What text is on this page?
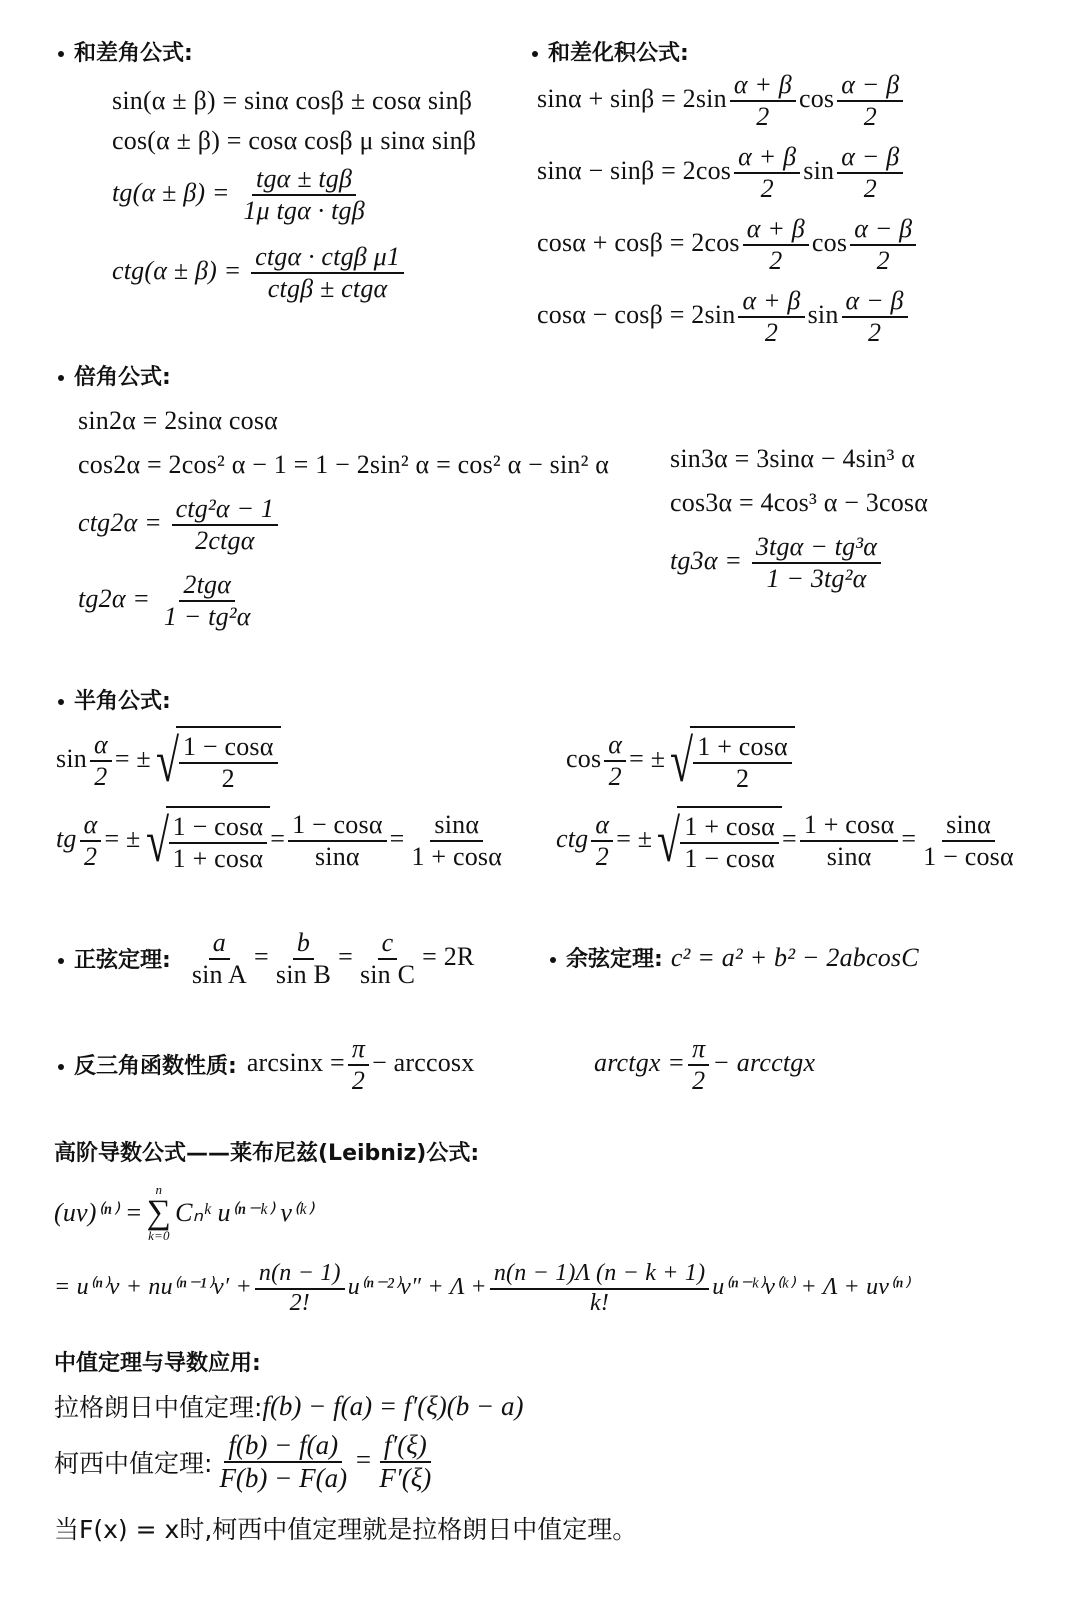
和差角公式:
sin(α ± β) = sinα cosβ ± cosα sinβ
cos(α ± β) = cosα cosβ μ sinα sinβ
$tg(\alpha \pm \beta) = \frac{\text{tgα ± tgβ}}{\text{1μ tgα · tgβ}}$
$ctg(\alpha \pm \beta) = \frac{\text{ctgα · ctgβ μ1}}{\text{ctgβ ± ctgα}}$
和差化积公式:
$\sin\alpha + \sin\beta = 2\sin \frac{\alpha + \beta}{2}$ $\cos \frac{\alpha - \beta}{2}$
$\sin\alpha - \sin\beta = 2\cos \frac{\alpha + \beta}{2}$ $\sin \frac{\alpha - \beta}{2}$
$\cos\alpha + \cos\beta = 2\cos \frac{\alpha + \beta}{2}$ $\cos \frac{\alpha - \beta}{2}$
$\cos\alpha - \cos\beta = 2\sin \frac{\alpha + \beta}{2}$ $\sin \frac{\alpha - \beta}{2}$
倍角公式:
sin2α = 2sinα cosα
cos2α = 2cos² α − 1 = 1 − 2sin² α = cos² α − sin² α
$ctg2\alpha = \frac{\text{ctg²α − 1}}{\text{2ctgα}}$
$tg2\alpha = \frac{\text{2tgα}}{\text{1 − tg²α}}$
sin3α = 3sinα − 4sin³ α
cos3α = 4cos³ α − 3cosα
$tg3\alpha = \frac{\text{3tgα − tg³α}}{\text{1 − 3tg²α}}$
半角公式:
$\sin \frac{\alpha}{2}$ = ± √ $\frac{1 - \cos\alpha}{2}$	$\cos \frac{\alpha}{2}$ = ± √ $\frac{1 + \cos\alpha}{2}$
tg $\frac{\alpha}{2}$ = ± √ $\frac{1 - \cos\alpha}{1 + \cos\alpha} = \frac{1 - \cos\alpha}{\sin\alpha} = \frac{\sin\alpha}{1 + \cos\alpha}$ ctg $\frac{\alpha}{2}$ = ± √ $\frac{1 + \cos\alpha}{1 - \cos\alpha} = \frac{1 + \cos\alpha}{\sin\alpha} = \frac{\sin\alpha}{1 - \cos\alpha}$
正弦定理: $\frac{a}{\text{sin A}} = \frac{b}{\text{sin B}} = \frac{c}{\text{sin C}} = 2R$	余弦定理: c² = a² + b² − 2abcosC
反三角函数性质: $\arcsin x = \frac{\pi}{2} - \arccos x$	arctgx = $\frac{\pi}{2}$ − arcctgx
高阶导数公式——莱布尼兹(Leibniz)公式:
(uv)⁽ⁿ⁾ =
n
∑
k=0
Cₙᵏ u⁽ⁿ⁻ᵏ⁾ v⁽ᵏ⁾
= $u^{(n)}v + nu^{(n-1)}v' + \frac{n(n - 1)}{2!} u^{(n-2)}v'' + \Lambda + \frac{n(n - 1)\Lambda (n - k + 1)}{k!}$ u⁽ⁿ⁻ᵏ⁾v⁽ᵏ⁾ + Λ + uv⁽ⁿ⁾
中值定理与导数应用:
拉格朗日中值定理: f(b) − f(a) = f′(ξ)(b − a)
柯西中值定理: $\frac{f(b) - f(a)}{F(b) - F(a)} = \frac{f'(\xi)}{F'(\xi)}$
当F(x) = x时,柯西中值定理就是拉格朗日中值定理。
